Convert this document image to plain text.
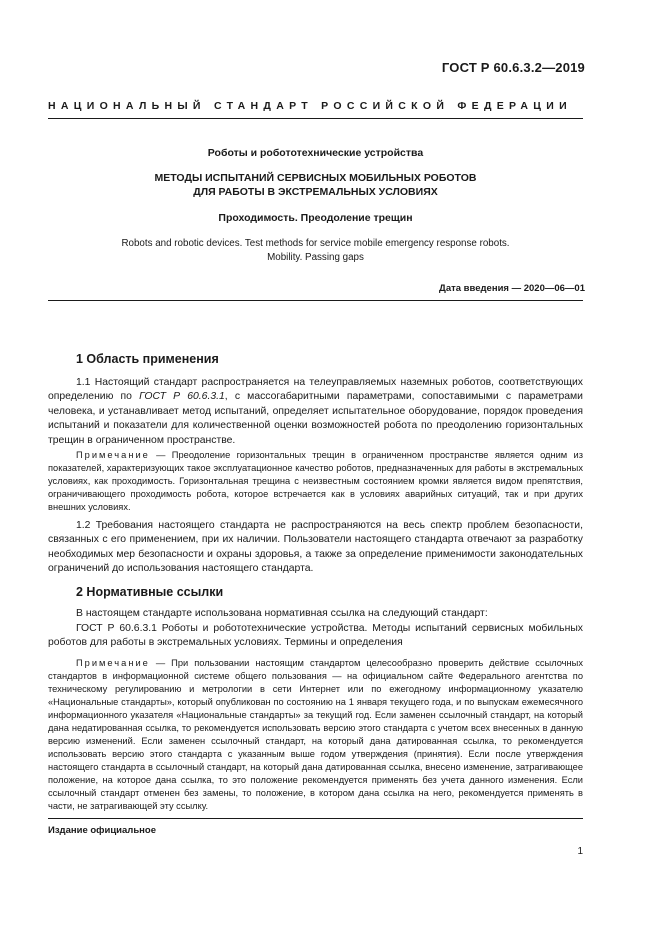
ГОСТ Р 60.6.3.2—2019
НАЦИОНАЛЬНЫЙ СТАНДАРТ РОССИЙСКОЙ ФЕДЕРАЦИИ
Роботы и робототехнические устройства
МЕТОДЫ ИСПЫТАНИЙ СЕРВИСНЫХ МОБИЛЬНЫХ РОБОТОВ
ДЛЯ РАБОТЫ В ЭКСТРЕМАЛЬНЫХ УСЛОВИЯХ
Проходимость. Преодоление трещин
Robots and robotic devices. Test methods for service mobile emergency response robots.
Mobility. Passing gaps
Дата введения — 2020—06—01
1 Область применения
1.1 Настоящий стандарт распространяется на телеуправляемых наземных роботов, соответствующих определению по ГОСТ Р 60.6.3.1, с массогабаритными параметрами, сопоставимыми с параметрами человека, и устанавливает метод испытаний, определяет испытательное оборудование, порядок проведения испытаний и показатели для количественной оценки возможностей робота по преодолению горизонтальных трещин в ограниченном пространстве.
Примечание — Преодоление горизонтальных трещин в ограниченном пространстве является одним из показателей, характеризующих такое эксплуатационное качество роботов, предназначенных для работы в экстремальных условиях, как проходимость. Горизонтальная трещина с неизвестным состоянием кромки является видом препятствия, ограничивающего проходимость робота, которое встречается как в условиях аварийных ситуаций, так и при других внешних условиях.
1.2 Требования настоящего стандарта не распространяются на весь спектр проблем безопасности, связанных с его применением, при их наличии. Пользователи настоящего стандарта отвечают за разработку необходимых мер безопасности и охраны здоровья, а также за определение применимости законодательных ограничений до использования настоящего стандарта.
2 Нормативные ссылки
В настоящем стандарте использована нормативная ссылка на следующий стандарт:
ГОСТ Р 60.6.3.1 Роботы и робототехнические устройства. Методы испытаний сервисных мобильных роботов для работы в экстремальных условиях. Термины и определения
Примечание — При пользовании настоящим стандартом целесообразно проверить действие ссылочных стандартов в информационной системе общего пользования — на официальном сайте Федерального агентства по техническому регулированию и метрологии в сети Интернет или по ежегодному информационному указателю «Национальные стандарты», который опубликован по состоянию на 1 января текущего года, и по выпускам ежемесячного информационного указателя «Национальные стандарты» за текущий год. Если заменен ссылочный стандарт, на который дана недатированная ссылка, то рекомендуется использовать версию этого стандарта с учетом всех внесенных в данную версию изменений. Если заменен ссылочный стандарт, на который дана датированная ссылка, то рекомендуется использовать версию этого стандарта с указанным выше годом утверждения (принятия). Если после утверждения настоящего стандарта в ссылочный стандарт, на который дана датированная ссылка, внесено изменение, затрагивающее положение, на которое дана ссылка, то это положение рекомендуется применять без учета данного изменения. Если ссылочный стандарт отменен без замены, то положение, в котором дана ссылка на него, рекомендуется применять в части, не затрагивающей эту ссылку.
Издание официальное
1
